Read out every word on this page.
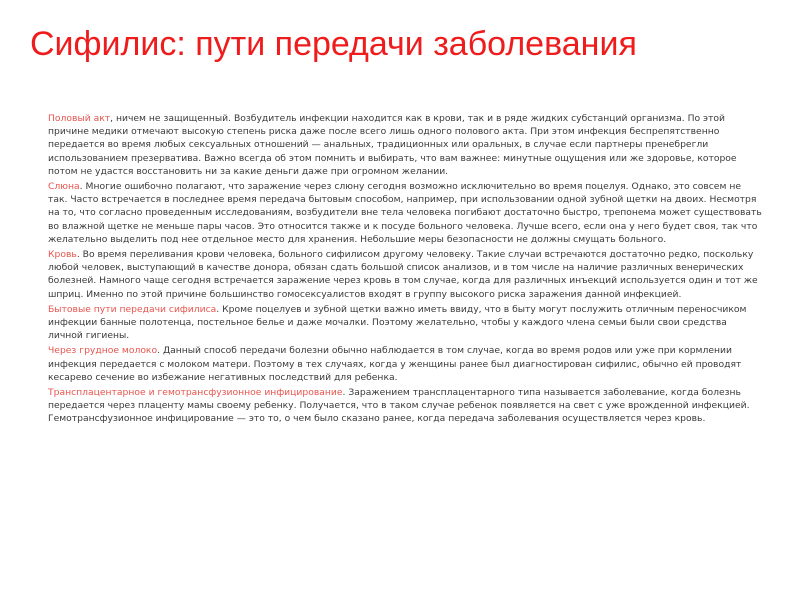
Сифилис: пути передачи заболевания

Половый акт, ничем не защищенный. Возбудитель инфекции находится как в крови, так и в ряде жидких субстанций организма. По этой причине медики отмечают высокую степень риска даже после всего лишь одного полового акта. При этом инфекция беспрепятственно передается во время любых сексуальных отношений — анальных, традиционных или оральных, в случае если партнеры пренебрегли использованием презерватива. Важно всегда об этом помнить и выбирать, что вам важнее: минутные ощущения или же здоровье, которое потом не удастся восстановить ни за какие деньги даже при огромном желании.

Слюна. Многие ошибочно полагают, что заражение через слюну сегодня возможно исключительно во время поцелуя. Однако, это совсем не так. Часто встречается в последнее время передача бытовым способом, например, при использовании одной зубной щетки на двоих. Несмотря на то, что согласно проведенным исследованиям, возбудители вне тела человека погибают достаточно быстро, трепонема может существовать во влажной щетке не меньше пары часов. Это относится также и к посуде больного человека. Лучше всего, если она у него будет своя, так что желательно выделить под нее отдельное место для хранения. Небольшие меры безопасности не должны смущать больного.

Кровь. Во время переливания крови человека, больного сифилисом другому человеку. Такие случаи встречаются достаточно редко, поскольку любой человек, выступающий в качестве донора, обязан сдать большой список анализов, и в том числе на наличие различных венерических болезней. Намного чаще сегодня встречается заражение через кровь в том случае, когда для различных инъекций используется один и тот же шприц. Именно по этой причине большинство гомосексуалистов входят в группу высокого риска заражения данной инфекцией.

Бытовые пути передачи сифилиса. Кроме поцелуев и зубной щетки важно иметь ввиду, что в быту могут послужить отличным переносчиком инфекции банные полотенца, постельное белье и даже мочалки. Поэтому желательно, чтобы у каждого члена семьи были свои средства личной гигиены.

Через грудное молоко. Данный способ передачи болезни обычно наблюдается в том случае, когда во время родов или уже при кормлении инфекция передается с молоком матери. Поэтому в тех случаях, когда у женщины ранее был диагностирован сифилис, обычно ей проводят кесарево сечение во избежание негативных последствий для ребенка.

Трансплацентарное и гемотрансфузионное инфицирование. Заражением трансплацентарного типа называется заболевание, когда болезнь передается через плаценту мамы своему ребенку. Получается, что в таком случае ребенок появляется на свет с уже врожденной инфекцией. Гемотрансфузионное инфицирование — это то, о чем было сказано ранее, когда передача заболевания осуществляется через кровь.
